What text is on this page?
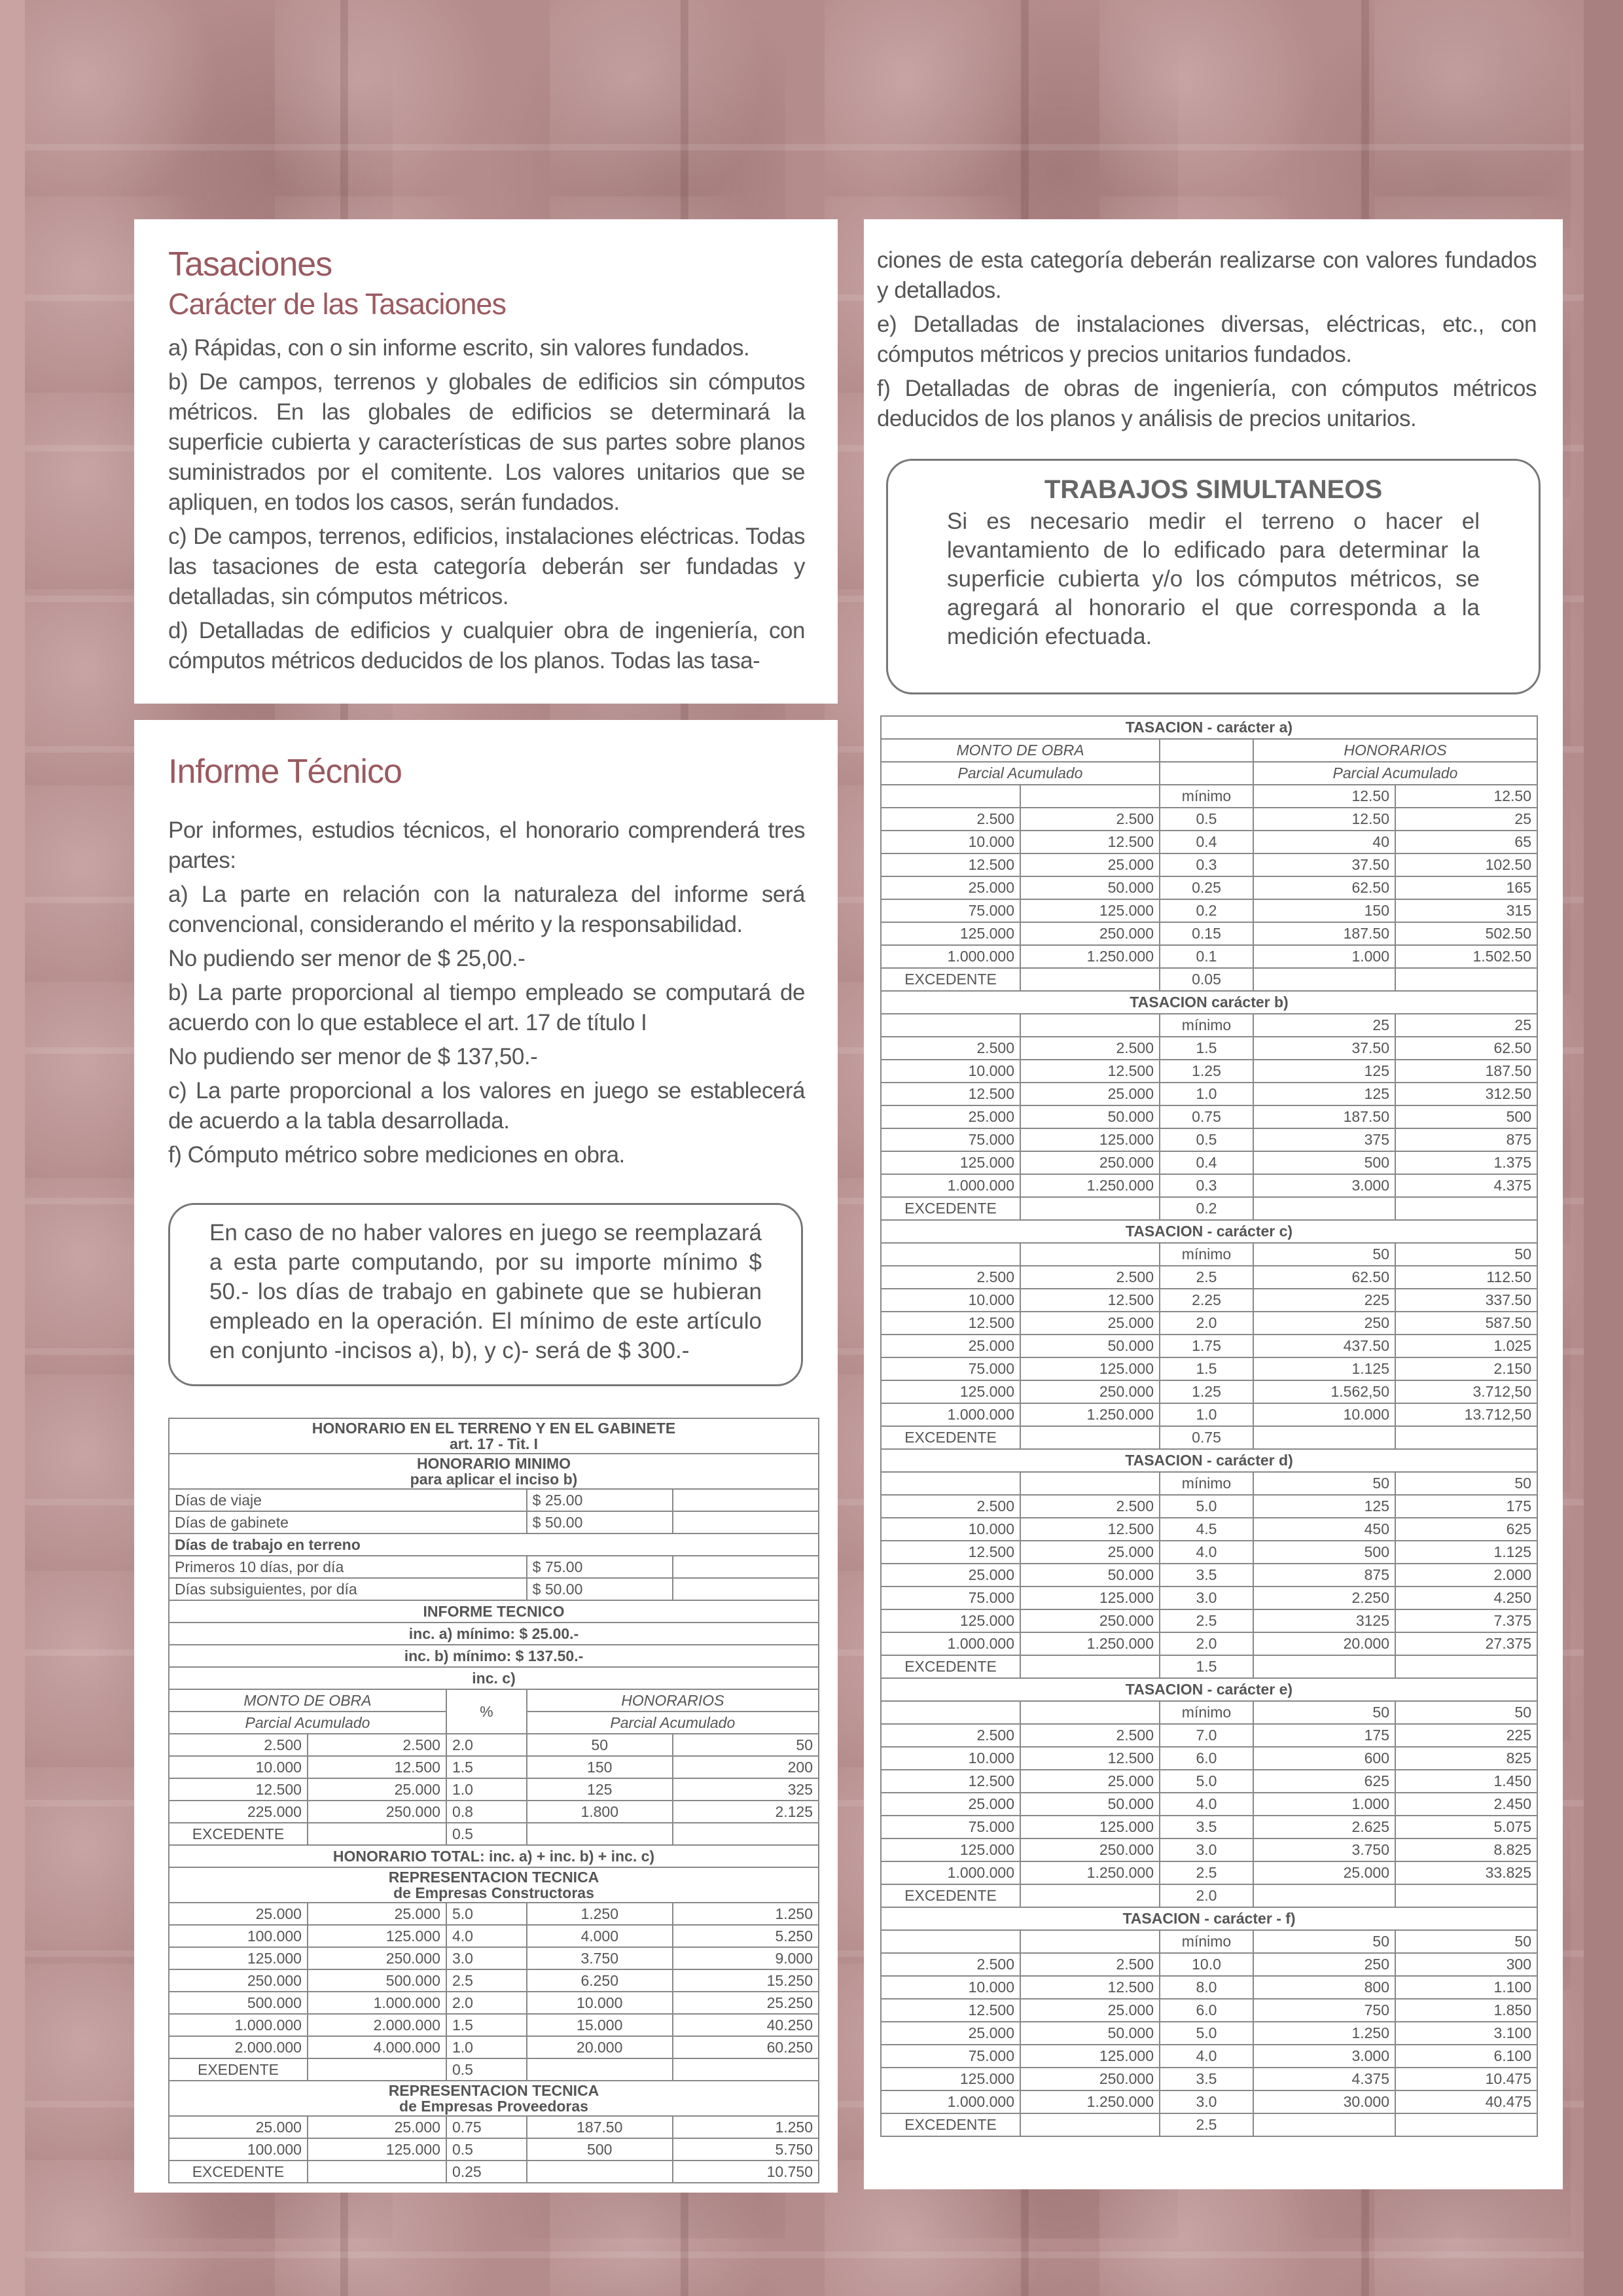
Tasaciones
Carácter de las Tasaciones

a) Rápidas, con o sin informe escrito, sin valores fundados.

b) De campos, terrenos y globales de edificios sin cómputos métricos. En las globales de edificios se determinará la superficie cubierta y características de sus partes sobre planos suministrados por el comitente. Los valores unitarios que se apliquen, en todos los casos, serán fundados.

c) De campos, terrenos, edificios, instalaciones eléctricas. Todas las tasaciones de esta categoría deberán ser fundadas y detalladas, sin cómputos métricos.

d) Detalladas de edificios y cualquier obra de ingeniería, con cómputos métricos deducidos de los planos. Todas las tasa-

ciones de esta categoría deberán realizarse con valores fundados y detallados.

e) Detalladas de instalaciones diversas, eléctricas, etc., con cómputos métricos y precios unitarios fundados.

f) Detalladas de obras de ingeniería, con cómputos métricos deducidos de los planos y análisis de precios unitarios.

TRABAJOS SIMULTANEOS

Si es necesario medir el terreno o hacer el levantamiento de lo edificado para determinar la superficie cubierta y/o los cómputos métricos, se agregará al honorario el que corresponda a la medición efectuada.

TASACION - carácter a)				
MONTO DE OBRA			HONORARIOS	
Parcial Acumulado			Parcial Acumulado	
		mínimo	12.50	12.50
2.500	2.500	0.5	12.50	25
10.000	12.500	0.4	40	65
12.500	25.000	0.3	37.50	102.50
25.000	50.000	0.25	62.50	165
75.000	125.000	0.2	150	315
125.000	250.000	0.15	187.50	502.50
1.000.000	1.250.000	0.1	1.000	1.502.50
EXCEDENTE		0.05		
TASACION carácter b)				
		mínimo	25	25
2.500	2.500	1.5	37.50	62.50
10.000	12.500	1.25	125	187.50
12.500	25.000	1.0	125	312.50
25.000	50.000	0.75	187.50	500
75.000	125.000	0.5	375	875
125.000	250.000	0.4	500	1.375
1.000.000	1.250.000	0.3	3.000	4.375
EXCEDENTE		0.2		
TASACION - carácter c)				
		mínimo	50	50
2.500	2.500	2.5	62.50	112.50
10.000	12.500	2.25	225	337.50
12.500	25.000	2.0	250	587.50
25.000	50.000	1.75	437.50	1.025
75.000	125.000	1.5	1.125	2.150
125.000	250.000	1.25	1.562,50	3.712,50
1.000.000	1.250.000	1.0	10.000	13.712,50
EXCEDENTE		0.75		
TASACION - carácter d)				
		mínimo	50	50
2.500	2.500	5.0	125	175
10.000	12.500	4.5	450	625
12.500	25.000	4.0	500	1.125
25.000	50.000	3.5	875	2.000
75.000	125.000	3.0	2.250	4.250
125.000	250.000	2.5	3125	7.375
1.000.000	1.250.000	2.0	20.000	27.375
EXCEDENTE		1.5		
TASACION - carácter e)				
		mínimo	50	50
2.500	2.500	7.0	175	225
10.000	12.500	6.0	600	825
12.500	25.000	5.0	625	1.450
25.000	50.000	4.0	1.000	2.450
75.000	125.000	3.5	2.625	5.075
125.000	250.000	3.0	3.750	8.825
1.000.000	1.250.000	2.5	25.000	33.825
EXCEDENTE		2.0		
TASACION - carácter - f)				
		mínimo	50	50
2.500	2.500	10.0	250	300
10.000	12.500	8.0	800	1.100
12.500	25.000	6.0	750	1.850
25.000	50.000	5.0	1.250	3.100
75.000	125.000	4.0	3.000	6.100
125.000	250.000	3.5	4.375	10.475
1.000.000	1.250.000	3.0	30.000	40.475
EXCEDENTE		2.5		
Informe Técnico

Por informes, estudios técnicos, el honorario comprenderá tres partes:

a) La parte en relación con la naturaleza del informe será convencional, considerando el mérito y la responsabilidad.

No pudiendo ser menor de $ 25,00.-

b) La parte proporcional al tiempo empleado se computará de acuerdo con lo que establece el art. 17 de título I

No pudiendo ser menor de $ 137,50.-

c) La parte proporcional a los valores en juego se establecerá de acuerdo a la tabla desarrollada.

f) Cómputo métrico sobre mediciones en obra.

En caso de no haber valores en juego se reemplazará a esta parte computando, por su importe mínimo $ 50.- los días de trabajo en gabinete que se hubieran empleado en la operación. El mínimo de este artículo en conjunto -incisos a), b), y c)- será de $ 300.-

HONORARIO EN EL TERRENO Y EN EL GABINETE
art. 17 - Tit. I				
HONORARIO MINIMO
para aplicar el inciso b)				
Días de viaje			$ 25.00	
Días de gabinete			$ 50.00	
Días de trabajo en terreno				
Primeros 10 días, por día			$ 75.00	
Días subsiguientes, por día			$ 50.00	
INFORME TECNICO				
inc. a) mínimo: $ 25.00.-				
inc. b) mínimo: $ 137.50.-				
inc. c)				
MONTO DE OBRA		%	HONORARIOS	
Parcial Acumulado			Parcial Acumulado	
2.500	2.500	2.0	50	50
10.000	12.500	1.5	150	200
12.500	25.000	1.0	125	325
225.000	250.000	0.8	1.800	2.125
EXCEDENTE		0.5		
HONORARIO TOTAL: inc. a) + inc. b) + inc. c)				
REPRESENTACION TECNICA
de Empresas Constructoras				
25.000	25.000	5.0	1.250	1.250
100.000	125.000	4.0	4.000	5.250
125.000	250.000	3.0	3.750	9.000
250.000	500.000	2.5	6.250	15.250
500.000	1.000.000	2.0	10.000	25.250
1.000.000	2.000.000	1.5	15.000	40.250
2.000.000	4.000.000	1.0	20.000	60.250
EXEDENTE		0.5		
REPRESENTACION TECNICA
de Empresas Proveedoras				
25.000	25.000	0.75	187.50	1.250
100.000	125.000	0.5	500	5.750
EXCEDENTE		0.25		10.750
